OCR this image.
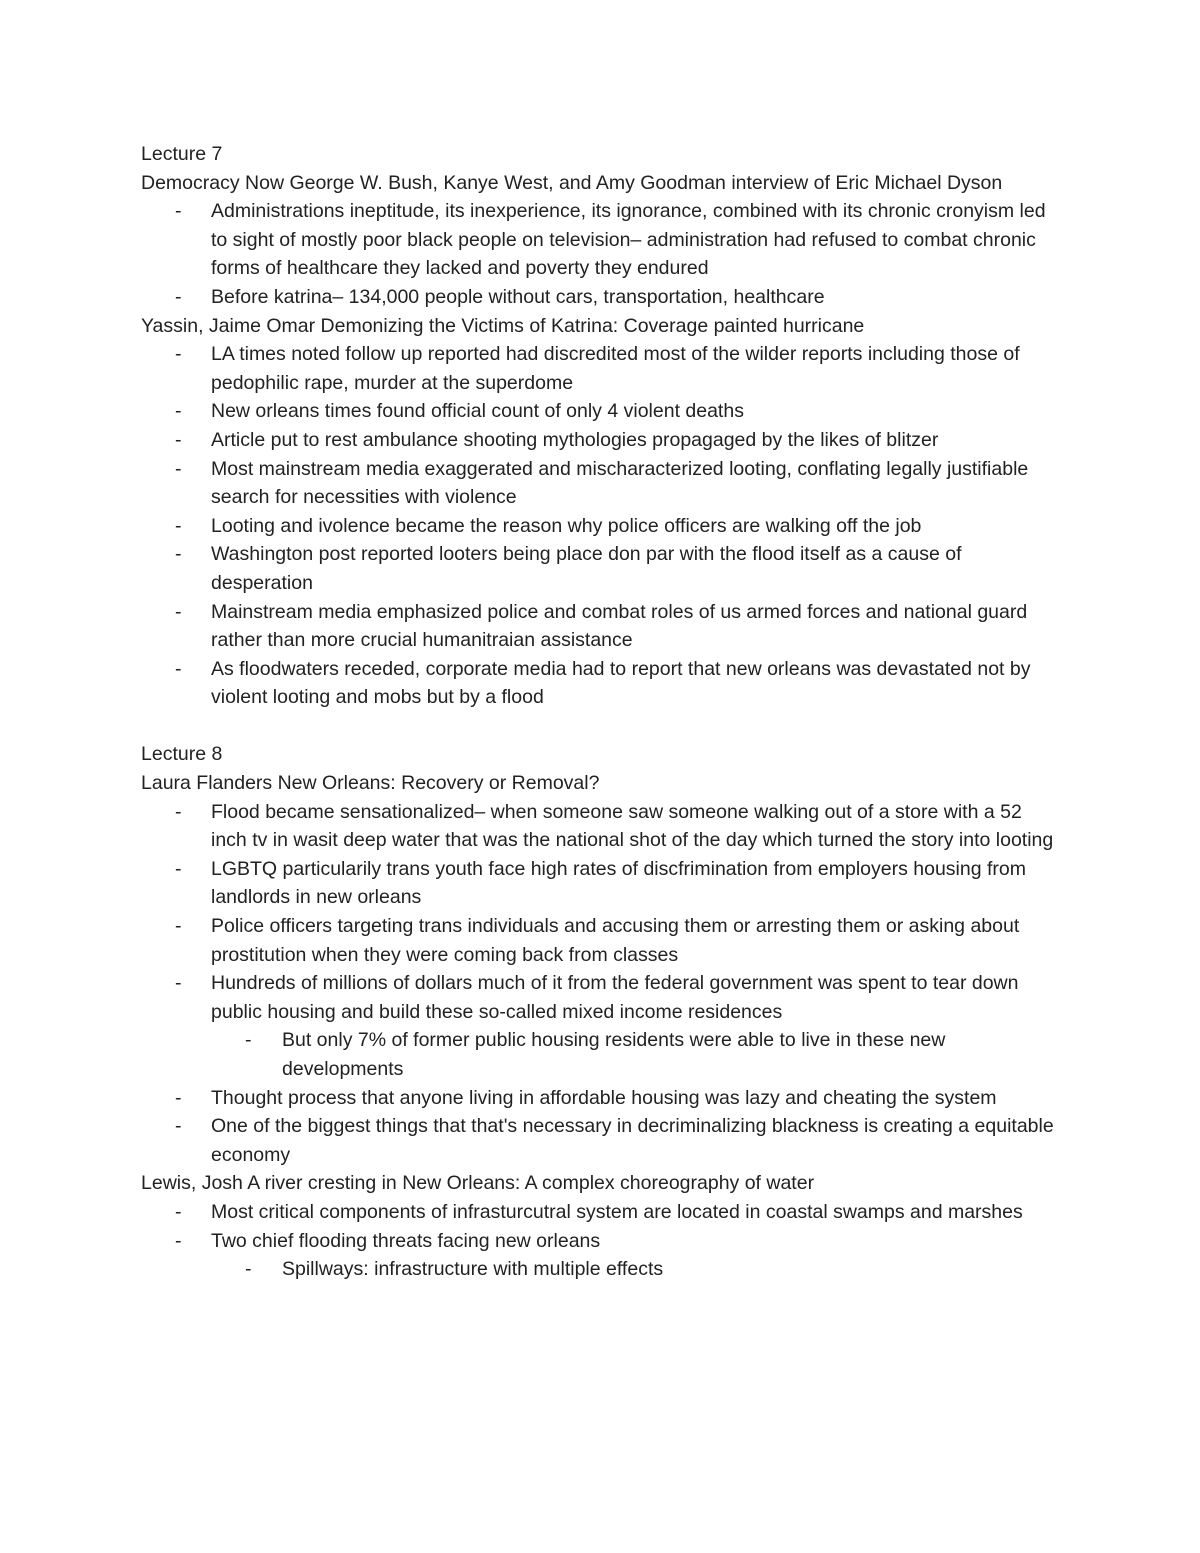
Lecture 7

Democracy Now George W. Bush, Kanye West, and Amy Goodman interview of Eric Michael Dyson

- Administrations ineptitude, its inexperience, its ignorance, combined with its chronic cronyism led to sight of mostly poor black people on television– administration had refused to combat chronic forms of healthcare they lacked and poverty they endured
- Before katrina– 134,000 people without cars, transportation, healthcare

Yassin, Jaime Omar Demonizing the Victims of Katrina: Coverage painted hurricane

- LA times noted follow up reported had discredited most of the wilder reports including those of pedophilic rape, murder at the superdome
- New orleans times found official count of only 4 violent deaths
- Article put to rest ambulance shooting mythologies propagaged by the likes of blitzer
- Most mainstream media exaggerated and mischaracterized looting, conflating legally justifiable search for necessities with violence
- Looting and ivolence became the reason why police officers are walking off the job
- Washington post reported looters being place don par with the flood itself as a cause of desperation
- Mainstream media emphasized police and combat roles of us armed forces and national guard rather than more crucial humanitraian assistance
- As floodwaters receded, corporate media had to report that new orleans was devastated not by violent looting and mobs but by a flood

Lecture 8

Laura Flanders New Orleans: Recovery or Removal?

- Flood became sensationalized– when someone saw someone walking out of a store with a 52 inch tv in wasit deep water that was the national shot of the day which turned the story into looting
- LGBTQ particularily trans youth face high rates of discfrimination from employers housing from landlords in new orleans
- Police officers targeting trans individuals and accusing them or arresting them or asking about prostitution when they were coming back from classes
- Hundreds of millions of dollars much of it from the federal government was spent to tear down public housing and build these so-called mixed income residences
- But only 7% of former public housing residents were able to live in these new developments
- Thought process that anyone living in affordable housing was lazy and cheating the system
- One of the biggest things that that's necessary in decriminalizing blackness is creating a equitable economy

Lewis, Josh A river cresting in New Orleans: A complex choreography of water

- Most critical components of infrasturcutral system are located in coastal swamps and marshes
- Two chief flooding threats facing new orleans
- Spillways: infrastructure with multiple effects
